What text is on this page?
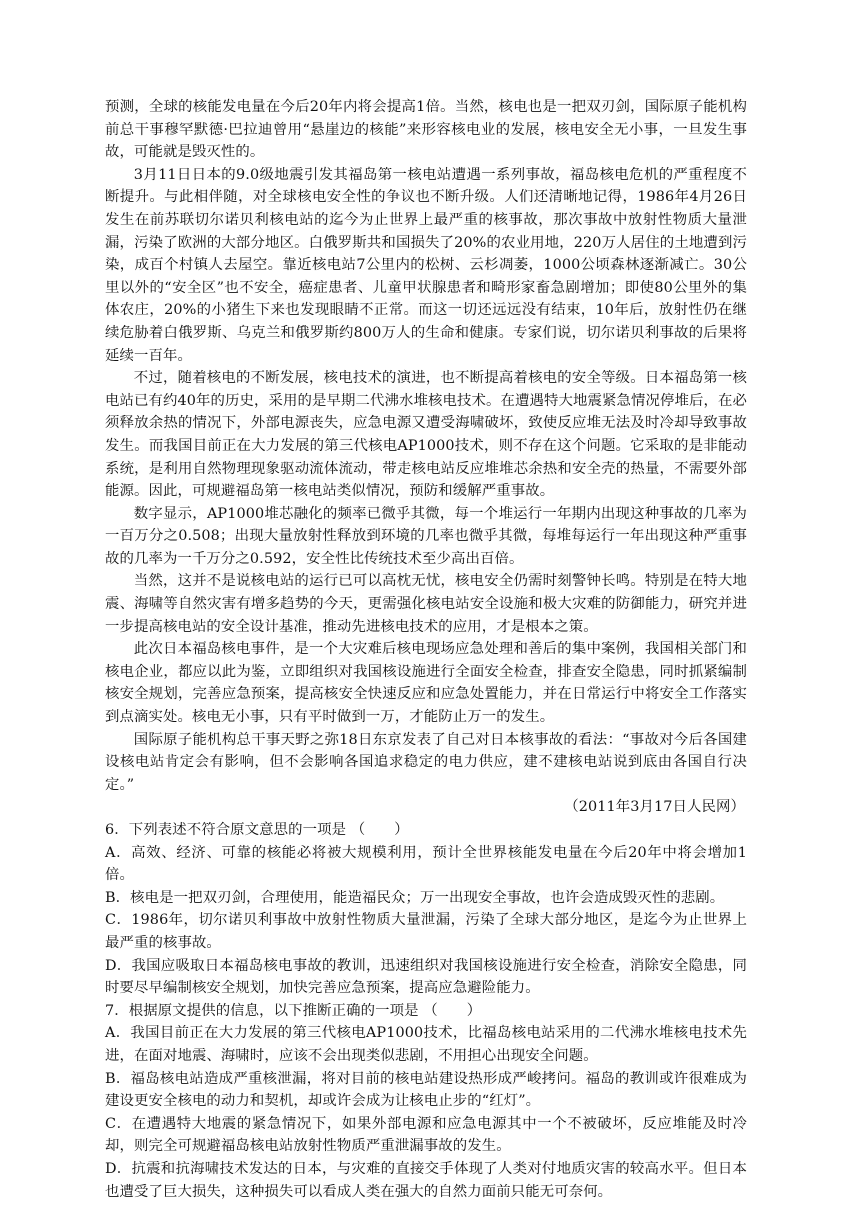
预测，全球的核能发电量在今后20年内将会提高1倍。当然，核电也是一把双刃剑，国际原子能机构前总干事穆罕默德·巴拉迪曾用“悬崖边的核能”来形容核电业的发展，核电安全无小事，一旦发生事故，可能就是毁灭性的。

3月11日日本的9.0级地震引发其福岛第一核电站遭遇一系列事故，福岛核电危机的严重程度不断提升。与此相伴随，对全球核电安全性的争议也不断升级。人们还清晰地记得，1986年4月26日发生在前苏联切尔诺贝利核电站的迄今为止世界上最严重的核事故，那次事故中放射性物质大量泄漏，污染了欧洲的大部分地区。白俄罗斯共和国损失了20%的农业用地，220万人居住的土地遭到污染，成百个村镇人去屋空。靠近核电站7公里内的松树、云杉凋萎，1000公顷森林逐渐减亡。30公里以外的“安全区”也不安全，癌症患者、儿童甲状腺患者和畸形家畜急剧增加；即使80公里外的集体农庄，20%的小猪生下来也发现眼睛不正常。而这一切还远远没有结束，10年后，放射性仍在继续危胁着白俄罗斯、乌克兰和俄罗斯约800万人的生命和健康。专家们说，切尔诺贝利事故的后果将延续一百年。

不过，随着核电的不断发展，核电技术的演进，也不断提高着核电的安全等级。日本福岛第一核电站已有约40年的历史，采用的是早期二代沸水堆核电技术。在遭遇特大地震紧急情况停堆后，在必须释放余热的情况下，外部电源丧失，应急电源又遭受海啸破坏，致使反应堆无法及时冷却导致事故发生。而我国目前正在大力发展的第三代核电AP1000技术，则不存在这个问题。它采取的是非能动系统，是利用自然物理现象驱动流体流动，带走核电站反应堆堆芯余热和安全壳的热量，不需要外部能源。因此，可规避福岛第一核电站类似情况，预防和缓解严重事故。

数字显示，AP1000堆芯融化的频率已微乎其微，每一个堆运行一年期内出现这种事故的几率为一百万分之0.508；出现大量放射性释放到环境的几率也微乎其微，每堆每运行一年出现这种严重事故的几率为一千万分之0.592，安全性比传统技术至少高出百倍。

当然，这并不是说核电站的运行已可以高枕无忧，核电安全仍需时刻警钟长鸣。特别是在特大地震、海啸等自然灾害有增多趋势的今天，更需强化核电站安全设施和极大灾难的防御能力，研究并进一步提高核电站的安全设计基准，推动先进核电技术的应用，才是根本之策。

此次日本福岛核电事件，是一个大灾难后核电现场应急处理和善后的集中案例，我国相关部门和核电企业，都应以此为鉴，立即组织对我国核设施进行全面安全检查，排查安全隐患，同时抓紧编制核安全规划，完善应急预案，提高核安全快速反应和应急处置能力，并在日常运行中将安全工作落实到点滴实处。核电无小事，只有平时做到一万，才能防止万一的发生。

国际原子能机构总干事天野之弥18日东京发表了自己对日本核事故的看法：“事故对今后各国建设核电站肯定会有影响，但不会影响各国追求稳定的电力供应，建不建核电站说到底由各国自行决定。”

（2011年3月17日人民网）

6．下列表述不符合原文意思的一项是 （　　）

A．高效、经济、可靠的核能必将被大规模利用，预计全世界核能发电量在今后20年中将会增加1倍。

B．核电是一把双刃剑，合理使用，能造福民众；万一出现安全事故，也许会造成毁灭性的悲剧。

C．1986年，切尔诺贝利事故中放射性物质大量泄漏，污染了全球大部分地区，是迄今为止世界上最严重的核事故。

D．我国应吸取日本福岛核电事故的教训，迅速组织对我国核设施进行安全检查，消除安全隐患，同时要尽早编制核安全规划，加快完善应急预案，提高应急避险能力。

7．根据原文提供的信息，以下推断正确的一项是 （　　）

A．我国目前正在大力发展的第三代核电AP1000技术，比福岛核电站采用的二代沸水堆核电技术先进，在面对地震、海啸时，应该不会出现类似悲剧，不用担心出现安全问题。

B．福岛核电站造成严重核泄漏，将对目前的核电站建设热形成严峻拷问。福岛的教训或许很难成为建设更安全核电的动力和契机，却或许会成为让核电止步的“红灯”。

C．在遭遇特大地震的紧急情况下，如果外部电源和应急电源其中一个不被破坏，反应堆能及时冷却，则完全可规避福岛核电站放射性物质严重泄漏事故的发生。

D．抗震和抗海啸技术发达的日本，与灾难的直接交手体现了人类对付地质灾害的较高水平。但日本也遭受了巨大损失，这种损失可以看成人类在强大的自然力面前只能无可奈何。
